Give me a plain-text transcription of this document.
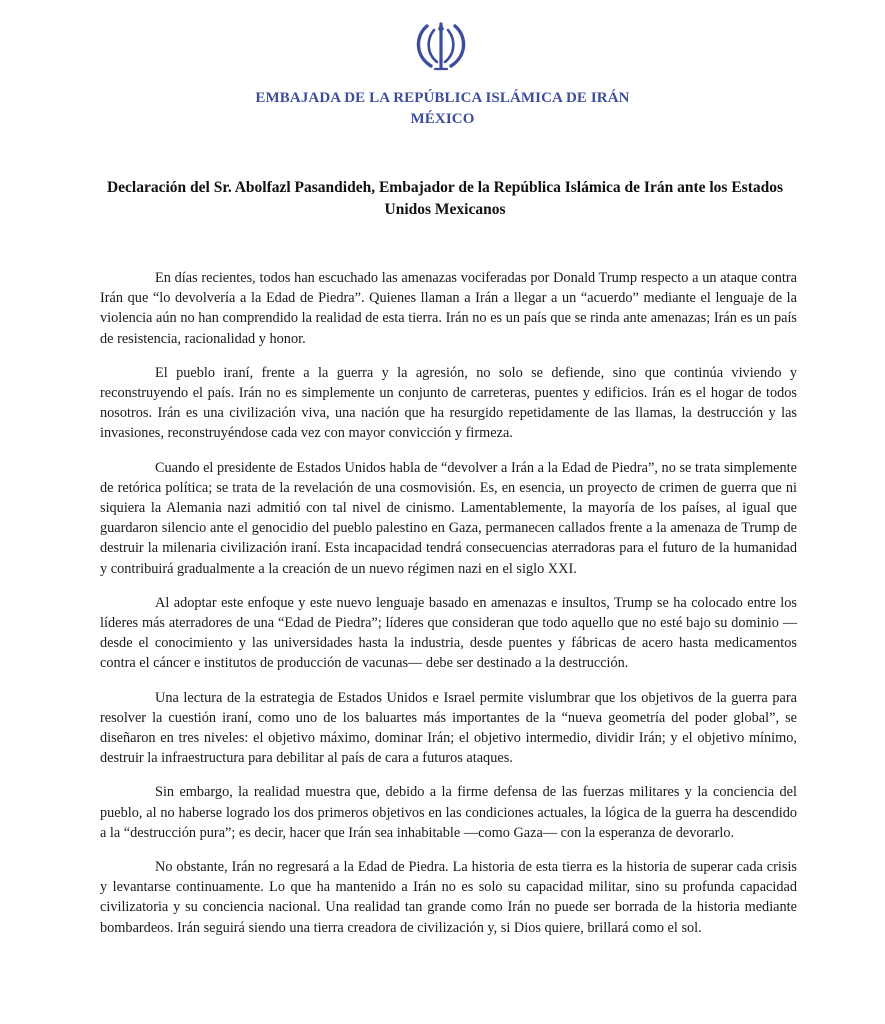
EMBAJADA DE LA REPÚBLICA ISLÁMICA DE IRÁN
MÉXICO
Declaración del Sr. Abolfazl Pasandideh, Embajador de la República Islámica de Irán ante los Estados Unidos Mexicanos

En días recientes, todos han escuchado las amenazas vociferadas por Donald Trump respecto a un ataque contra Irán que “lo devolvería a la Edad de Piedra”. Quienes llaman a Irán a llegar a un “acuerdo” mediante el lenguaje de la violencia aún no han comprendido la realidad de esta tierra. Irán no es un país que se rinda ante amenazas; Irán es un país de resistencia, racionalidad y honor.

El pueblo iraní, frente a la guerra y la agresión, no solo se defiende, sino que continúa viviendo y reconstruyendo el país. Irán no es simplemente un conjunto de carreteras, puentes y edificios. Irán es el hogar de todos nosotros. Irán es una civilización viva, una nación que ha resurgido repetidamente de las llamas, la destrucción y las invasiones, reconstruyéndose cada vez con mayor convicción y firmeza.

Cuando el presidente de Estados Unidos habla de “devolver a Irán a la Edad de Piedra”, no se trata simplemente de retórica política; se trata de la revelación de una cosmovisión. Es, en esencia, un proyecto de crimen de guerra que ni siquiera la Alemania nazi admitió con tal nivel de cinismo. Lamentablemente, la mayoría de los países, al igual que guardaron silencio ante el genocidio del pueblo palestino en Gaza, permanecen callados frente a la amenaza de Trump de destruir la milenaria civilización iraní. Esta incapacidad tendrá consecuencias aterradoras para el futuro de la humanidad y contribuirá gradualmente a la creación de un nuevo régimen nazi en el siglo XXI.

Al adoptar este enfoque y este nuevo lenguaje basado en amenazas e insultos, Trump se ha colocado entre los líderes más aterradores de una “Edad de Piedra”; líderes que consideran que todo aquello que no esté bajo su dominio —desde el conocimiento y las universidades hasta la industria, desde puentes y fábricas de acero hasta medicamentos contra el cáncer e institutos de producción de vacunas— debe ser destinado a la destrucción.

Una lectura de la estrategia de Estados Unidos e Israel permite vislumbrar que los objetivos de la guerra para resolver la cuestión iraní, como uno de los baluartes más importantes de la “nueva geometría del poder global”, se diseñaron en tres niveles: el objetivo máximo, dominar Irán; el objetivo intermedio, dividir Irán; y el objetivo mínimo, destruir la infraestructura para debilitar al país de cara a futuros ataques.

Sin embargo, la realidad muestra que, debido a la firme defensa de las fuerzas militares y la conciencia del pueblo, al no haberse logrado los dos primeros objetivos en las condiciones actuales, la lógica de la guerra ha descendido a la “destrucción pura”; es decir, hacer que Irán sea inhabitable —como Gaza— con la esperanza de devorarlo.

No obstante, Irán no regresará a la Edad de Piedra. La historia de esta tierra es la historia de superar cada crisis y levantarse continuamente. Lo que ha mantenido a Irán no es solo su capacidad militar, sino su profunda capacidad civilizatoria y su conciencia nacional. Una realidad tan grande como Irán no puede ser borrada de la historia mediante bombardeos. Irán seguirá siendo una tierra creadora de civilización y, si Dios quiere, brillará como el sol.
